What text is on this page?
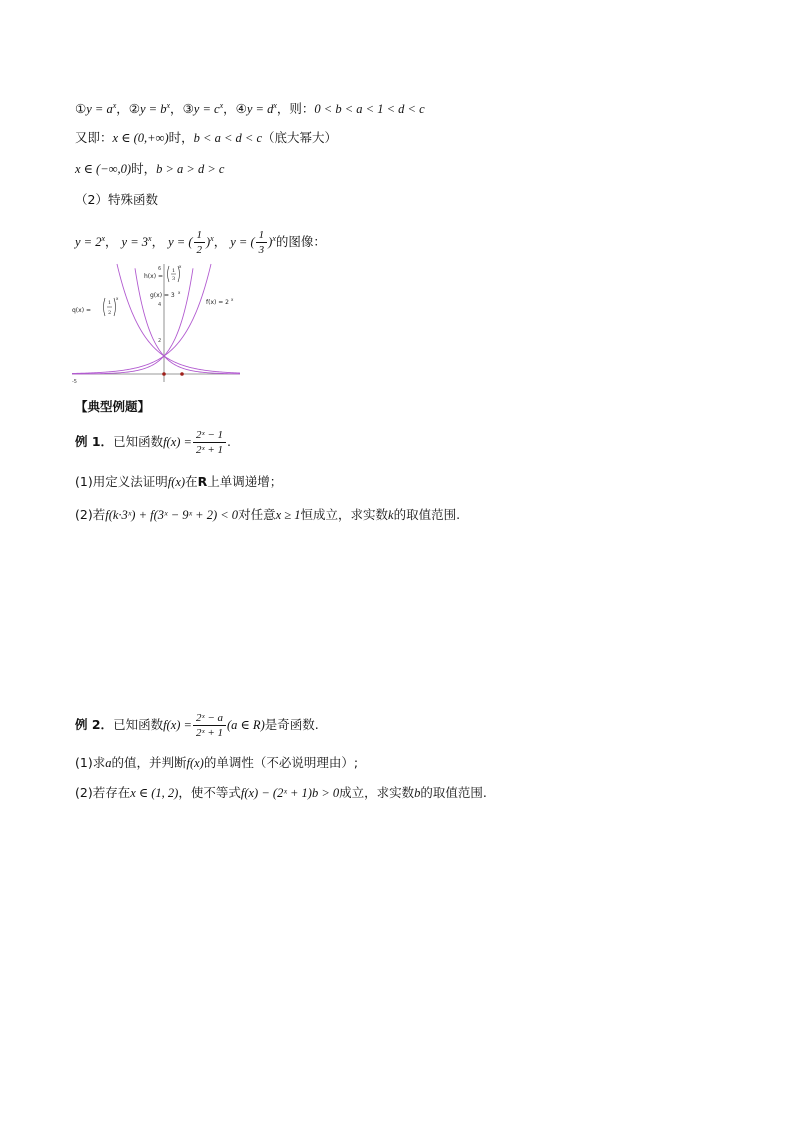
①y = $a^x$，②y = $b^x$，③y = $c^x$，④y = $d^x$，则：0 < b < a < 1 < d < c
又即：x ∈ (0,+∞)时，b < a < d < c（底大幂大）
x ∈ (−∞,0)时，b > a > d > c
（2）特殊函数
$y = 2^x$， $y = 3^x$， y = ( $\frac{1}{2} )^x$， y = ( $\frac{1}{3} )^x$的图像：
6
4
2
-5
h(x) =
1
3
x
g(x) = 3 x
f(x) = 2 x
q(x) =
1
2
x
【典型例题】
例 1．已知函数$f(x) = \frac{\text{2ˣ − 1}}{\text{2ˣ + 1}}$ .
(1)用定义法证明f(x)在R上单调递增；
(2)若f(k·3ˣ) + f(3ˣ − 9ˣ + 2) < 0对任意x ≥ 1恒成立，求实数k的取值范围.
例 2．已知函数$f(x) = \frac{\text{2ˣ − a}}{\text{2ˣ + 1}} (a$ ∈ R)是奇函数.
(1)求a的值，并判断f(x)的单调性（不必说明理由）;
(2)若存在x ∈ (1, 2)，使不等式f(x) − (2ˣ + 1)b > 0成立，求实数b的取值范围.
